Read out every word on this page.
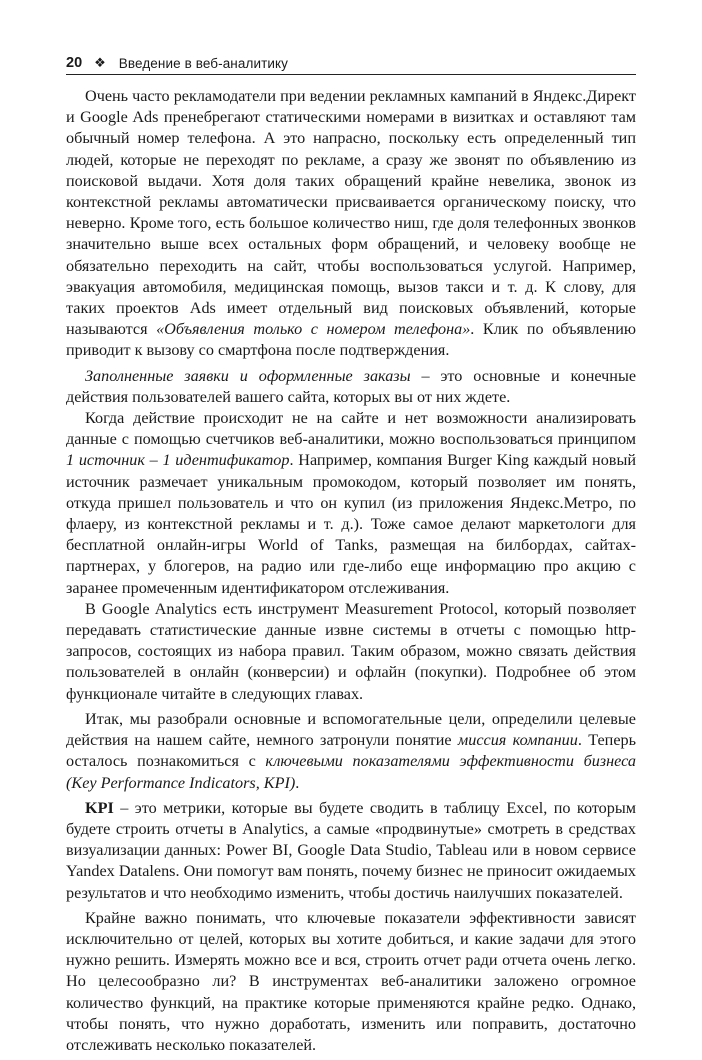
20 ❖ Введение в веб-аналитику

Очень часто рекламодатели при ведении рекламных кампаний в Яндекс.Директ и Google Ads пренебрегают статическими номерами в визитках и оставляют там обычный номер телефона. А это напрасно, поскольку есть определенный тип людей, которые не переходят по рекламе, а сразу же звонят по объявлению из поисковой выдачи. Хотя доля таких обращений крайне невелика, звонок из контекстной рекламы автоматически присваивается органическому поиску, что неверно. Кроме того, есть большое количество ниш, где доля телефонных звонков значительно выше всех остальных форм обращений, и человеку вообще не обязательно переходить на сайт, чтобы воспользоваться услугой. Например, эвакуация автомобиля, медицинская помощь, вызов такси и т. д. К слову, для таких проектов Ads имеет отдельный вид поисковых объявлений, которые называются «Объявления только с номером телефона». Клик по объявлению приводит к вызову со смартфона после подтверждения.

Заполненные заявки и оформленные заказы – это основные и конечные действия пользователей вашего сайта, которых вы от них ждете.

Когда действие происходит не на сайте и нет возможности анализировать данные с помощью счетчиков веб-аналитики, можно воспользоваться принципом 1 источник – 1 идентификатор. Например, компания Burger King каждый новый источник размечает уникальным промокодом, который позволяет им понять, откуда пришел пользователь и что он купил (из приложения Яндекс.Метро, по флаеру, из контекстной рекламы и т. д.). Тоже самое делают маркетологи для бесплатной онлайн-игры World of Tanks, размещая на билбордах, сайтах-партнерах, у блогеров, на радио или где-либо еще информацию про акцию с заранее промеченным идентификатором отслеживания.

В Google Analytics есть инструмент Measurement Protocol, который позволяет передавать статистические данные извне системы в отчеты с помощью http-запросов, состоящих из набора правил. Таким образом, можно связать действия пользователей в онлайн (конверсии) и офлайн (покупки). Подробнее об этом функционале читайте в следующих главах.

Итак, мы разобрали основные и вспомогательные цели, определили целевые действия на нашем сайте, немного затронули понятие миссия компании. Теперь осталось познакомиться с ключевыми показателями эффективности бизнеса (Key Performance Indicators, KPI).

KPI – это метрики, которые вы будете сводить в таблицу Excel, по которым будете строить отчеты в Analytics, а самые «продвинутые» смотреть в средствах визуализации данных: Power BI, Google Data Studio, Tableau или в новом сервисе Yandex Datalens. Они помогут вам понять, почему бизнес не приносит ожидаемых результатов и что необходимо изменить, чтобы достичь наилучших показателей.

Крайне важно понимать, что ключевые показатели эффективности зависят исключительно от целей, которых вы хотите добиться, и какие задачи для этого нужно решить. Измерять можно все и вся, строить отчет ради отчета очень легко. Но целесообразно ли? В инструментах веб-аналитики заложено огромное количество функций, на практике которые применяются крайне редко. Однако, чтобы понять, что нужно доработать, изменить или поправить, достаточно отслеживать несколько показателей.
